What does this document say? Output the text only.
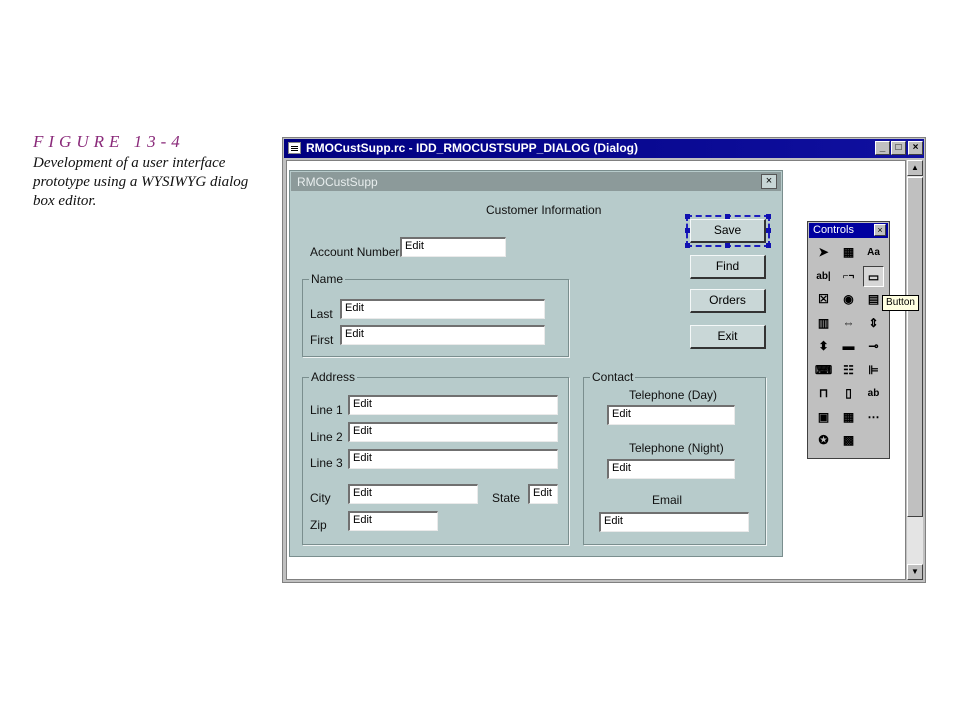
FIGURE 13-4
Development of a user interface prototype using a WYSIWYG dialog box editor.
RMOCustSupp.rc - IDD_RMOCUSTSUPP_DIALOG (Dialog)	_	□	×
▲
▼
RMOCustSupp	×
Customer Information
Account Number Edit
Name
Last	Edit
First	Edit
Address
Line 1 Edit
Line 2 Edit
Line 3 Edit
City	Edit	State	Edit
Zip	Edit
Contact
Telephone (Day)
Edit
Telephone (Night)
Edit
Email
Edit
Save
Find
Orders
Exit
Controls	×
➤	▦	Aa
ab|	⌐¬	▭
☒	◉	▤
▥	⇔	⇕
⬍	▬	⊸
⌨ ☷	⊫
⊓	▯	ab
▣	▦	⋯
✪	▩
Button
